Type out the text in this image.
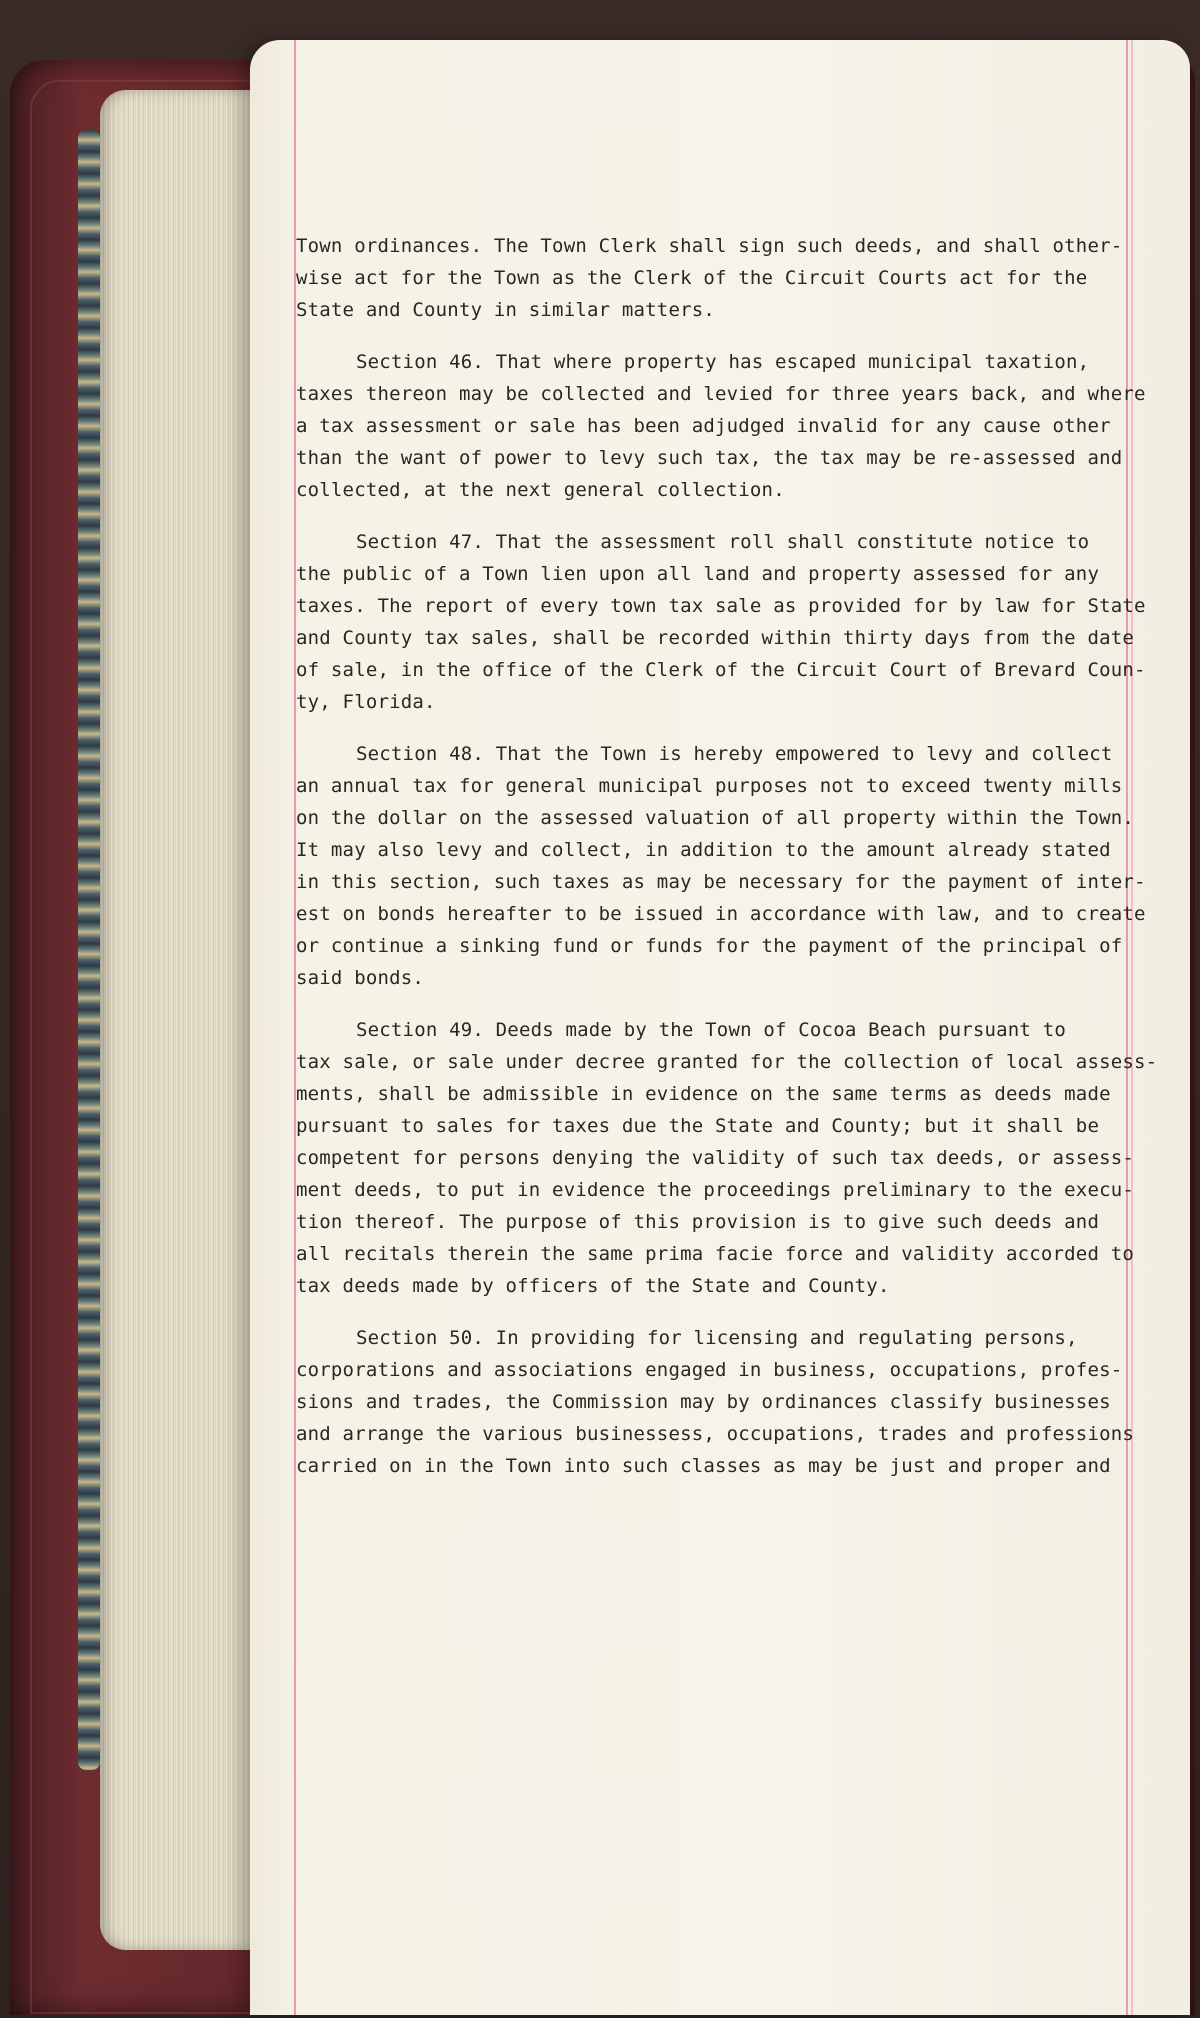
Town ordinances. The Town Clerk shall sign such deeds, and shall other-
wise act for the Town as the Clerk of the Circuit Courts act for the
State and County in similar matters.
Section 46. That where property has escaped municipal taxation,
taxes thereon may be collected and levied for three years back, and where
a tax assessment or sale has been adjudged invalid for any cause other
than the want of power to levy such tax, the tax may be re-assessed and
collected, at the next general collection.
Section 47. That the assessment roll shall constitute notice to
the public of a Town lien upon all land and property assessed for any
taxes. The report of every town tax sale as provided for by law for State
and County tax sales, shall be recorded within thirty days from the date
of sale, in the office of the Clerk of the Circuit Court of Brevard Coun-
ty, Florida.
Section 48. That the Town is hereby empowered to levy and collect
an annual tax for general municipal purposes not to exceed twenty mills
on the dollar on the assessed valuation of all property within the Town.
It may also levy and collect, in addition to the amount already stated
in this section, such taxes as may be necessary for the payment of inter-
est on bonds hereafter to be issued in accordance with law, and to create
or continue a sinking fund or funds for the payment of the principal of
said bonds.
Section 49. Deeds made by the Town of Cocoa Beach pursuant to
tax sale, or sale under decree granted for the collection of local assess-
ments, shall be admissible in evidence on the same terms as deeds made
pursuant to sales for taxes due the State and County; but it shall be
competent for persons denying the validity of such tax deeds, or assess-
ment deeds, to put in evidence the proceedings preliminary to the execu-
tion thereof. The purpose of this provision is to give such deeds and
all recitals therein the same prima facie force and validity accorded to
tax deeds made by officers of the State and County.
Section 50. In providing for licensing and regulating persons,
corporations and associations engaged in business, occupations, profes-
sions and trades, the Commission may by ordinances classify businesses
and arrange the various businessess, occupations, trades and professions
carried on in the Town into such classes as may be just and proper and
